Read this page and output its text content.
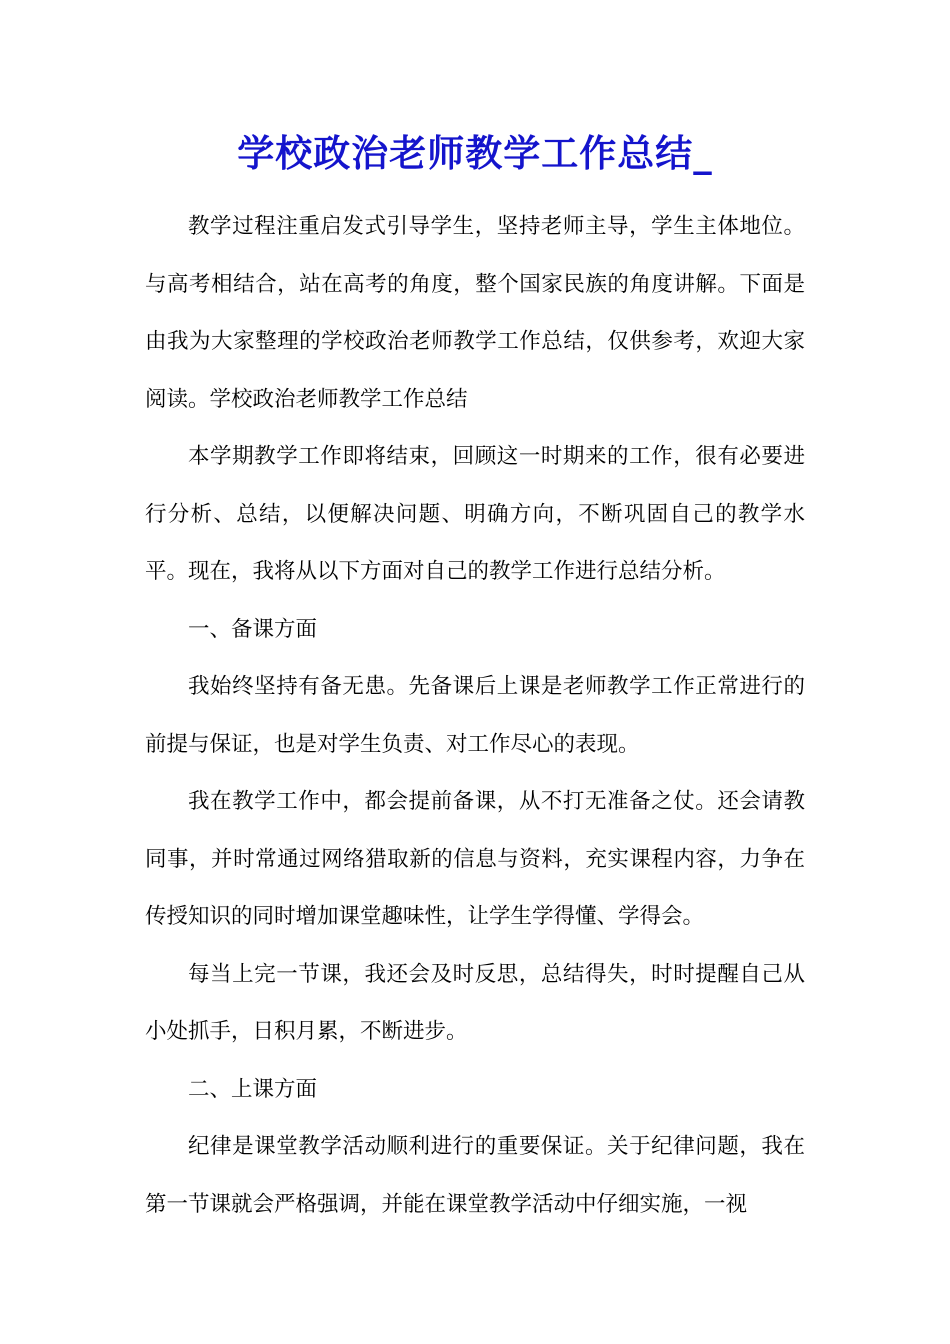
学校政治老师教学工作总结_

教学过程注重启发式引导学生，坚持老师主导，学生主体地位。与高考相结合，站在高考的角度，整个国家民族的角度讲解。下面是由我为大家整理的学校政治老师教学工作总结，仅供参考，欢迎大家阅读。学校政治老师教学工作总结

本学期教学工作即将结束，回顾这一时期来的工作，很有必要进行分析、总结，以便解决问题、明确方向，不断巩固自己的教学水平。现在，我将从以下方面对自己的教学工作进行总结分析。

一、备课方面

我始终坚持有备无患。先备课后上课是老师教学工作正常进行的前提与保证，也是对学生负责、对工作尽心的表现。

我在教学工作中，都会提前备课，从不打无准备之仗。还会请教同事，并时常通过网络猎取新的信息与资料，充实课程内容，力争在传授知识的同时增加课堂趣味性，让学生学得懂、学得会。

每当上完一节课，我还会及时反思，总结得失，时时提醒自己从小处抓手，日积月累，不断进步。

二、上课方面

纪律是课堂教学活动顺利进行的重要保证。关于纪律问题，我在第一节课就会严格强调，并能在课堂教学活动中仔细实施，一视
